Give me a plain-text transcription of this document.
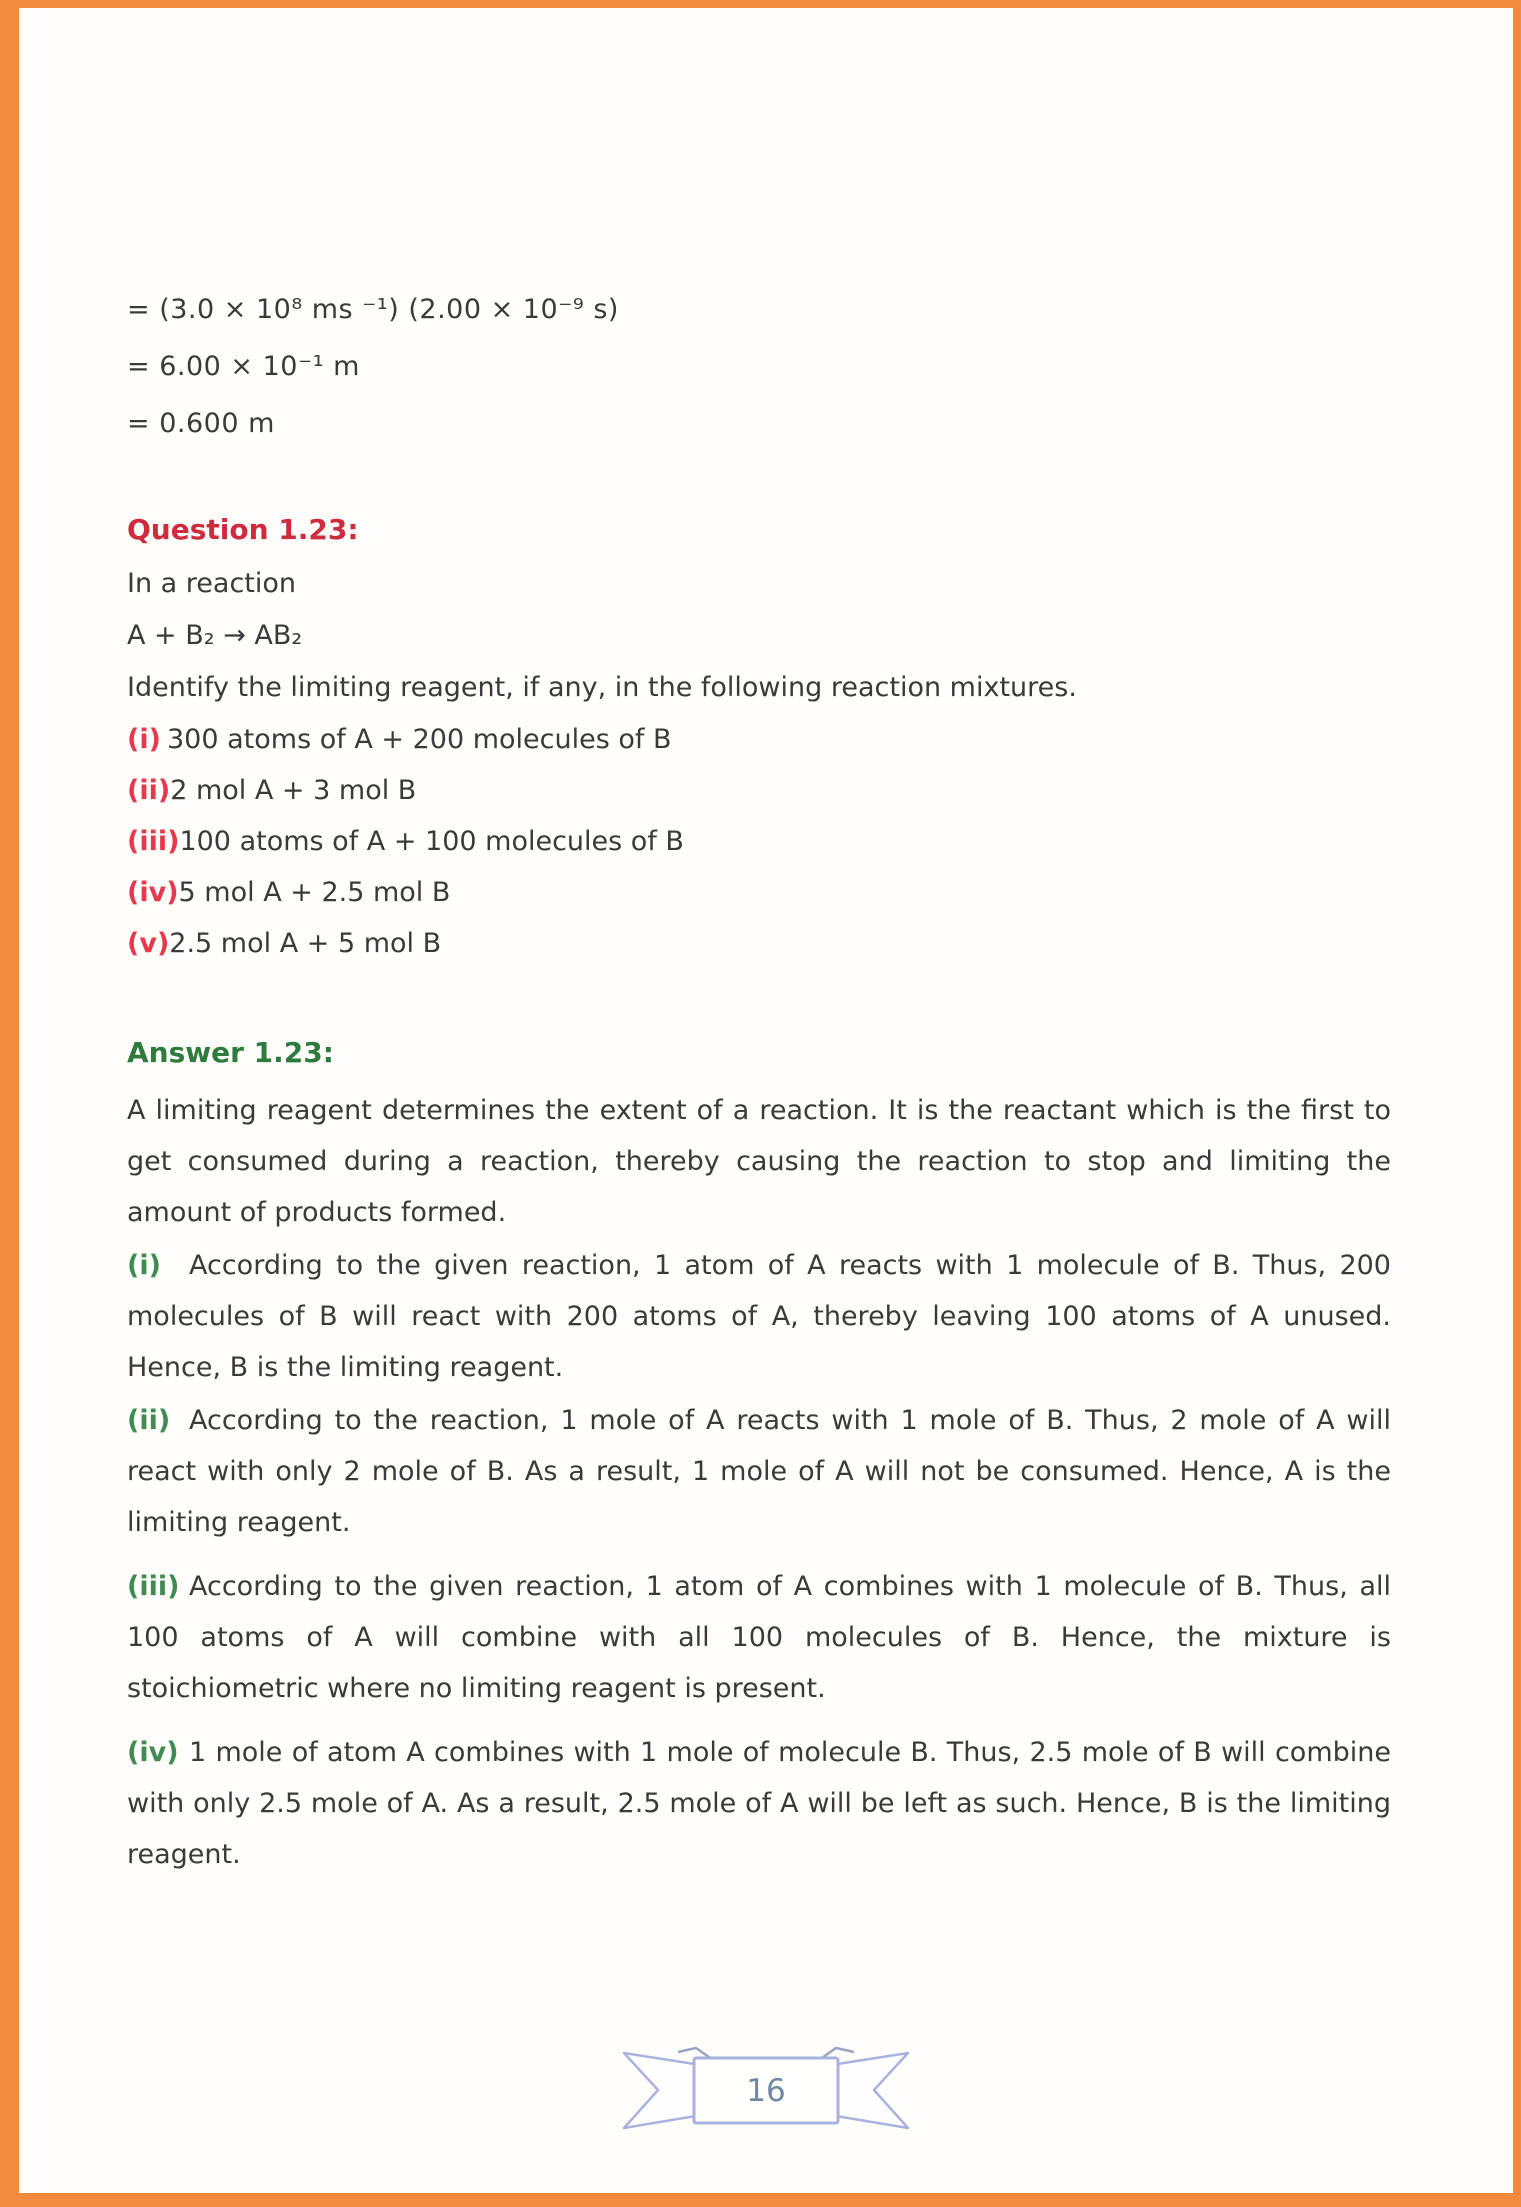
= (3.0 × 10⁸ ms ⁻¹) (2.00 × 10⁻⁹ s)

= 6.00 × 10⁻¹ m

= 0.600 m

Question 1.23:

In a reaction

A + B₂ → AB₂

Identify the limiting reagent, if any, in the following reaction mixtures.

(i) 300 atoms of A + 200 molecules of B

(ii)2 mol A + 3 mol B

(iii)100 atoms of A + 100 molecules of B

(iv)5 mol A + 2.5 mol B

(v)2.5 mol A + 5 mol B

Answer 1.23:

A limiting reagent determines the extent of a reaction. It is the reactant which is the first to get consumed during a reaction, thereby causing the reaction to stop and limiting the amount of products formed.

(i) According to the given reaction, 1 atom of A reacts with 1 molecule of B. Thus, 200 molecules of B will react with 200 atoms of A, thereby leaving 100 atoms of A unused. Hence, B is the limiting reagent.

(ii) According to the reaction, 1 mole of A reacts with 1 mole of B. Thus, 2 mole of A will react with only 2 mole of B. As a result, 1 mole of A will not be consumed. Hence, A is the limiting reagent.

(iii) According to the given reaction, 1 atom of A combines with 1 molecule of B. Thus, all 100 atoms of A will combine with all 100 molecules of B. Hence, the mixture is stoichiometric where no limiting reagent is present.

(iv) 1 mole of atom A combines with 1 mole of molecule B. Thus, 2.5 mole of B will combine with only 2.5 mole of A. As a result, 2.5 mole of A will be left as such. Hence, B is the limiting reagent.

16
